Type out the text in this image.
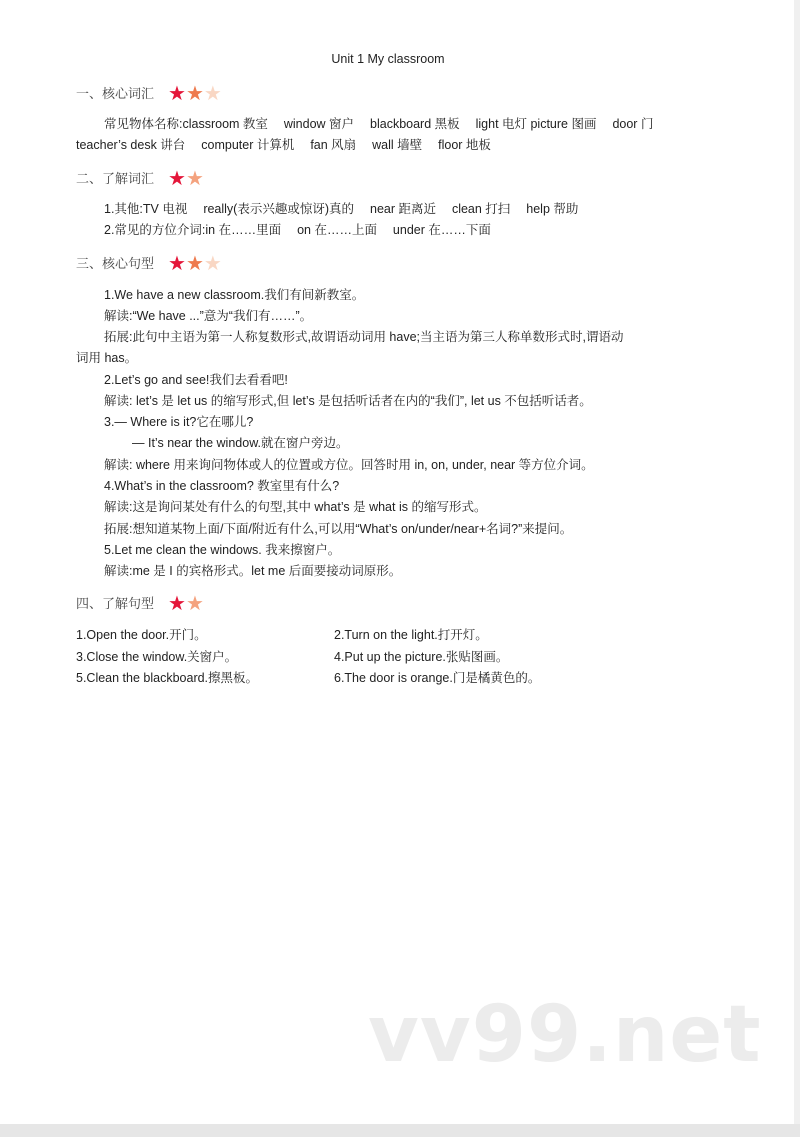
Unit 1 My classroom
一、核心词汇 ★★★
常见物体名称:classroom 教室　 window 窗户　 blackboard 黑板　 light 电灯 picture 图画　 door 门
teacher’s desk 讲台　 computer 计算机　 fan 风扇　 wall 墙壁　 floor 地板
二、了解词汇 ★★
1.其他:TV 电视　 really(表示兴趣或惊讶)真的　 near 距离近　 clean 打扫　 help 帮助
2.常见的方位介词:in 在……里面　 on 在……上面　 under 在……下面
三、核心句型 ★★★
1.We have a new classroom.我们有间新教室。
解读:“We have ...”意为“我们有……”。
拓展:此句中主语为第一人称复数形式,故谓语动词用 have;当主语为第三人称单数形式时,谓语动
词用 has。
2.Let’s go and see!我们去看看吧!
解读: let’s 是 let us 的缩写形式,但 let’s 是包括听话者在内的“我们”, let us 不包括听话者。
3.— Where is it?它在哪儿?
— It’s near the window.就在窗户旁边。
解读: where 用来询问物体或人的位置或方位。回答时用 in, on, under, near 等方位介词。
4.What’s in the classroom? 教室里有什么?
解读:这是询问某处有什么的句型,其中 what’s 是 what is 的缩写形式。
拓展:想知道某物上面/下面/附近有什么,可以用“What’s on/under/near+名词?”来提问。
5.Let me clean the windows. 我来擦窗户。
解读:me 是 I 的宾格形式。let me 后面要接动词原形。
四、了解句型 ★★
1.Open the door.开门。	2.Turn on the light.打开灯。
3.Close the window.关窗户。	4.Put up the picture.张贴图画。
5.Clean the blackboard.擦黑板。	6.The door is orange.门是橘黄色的。
vv99.net
